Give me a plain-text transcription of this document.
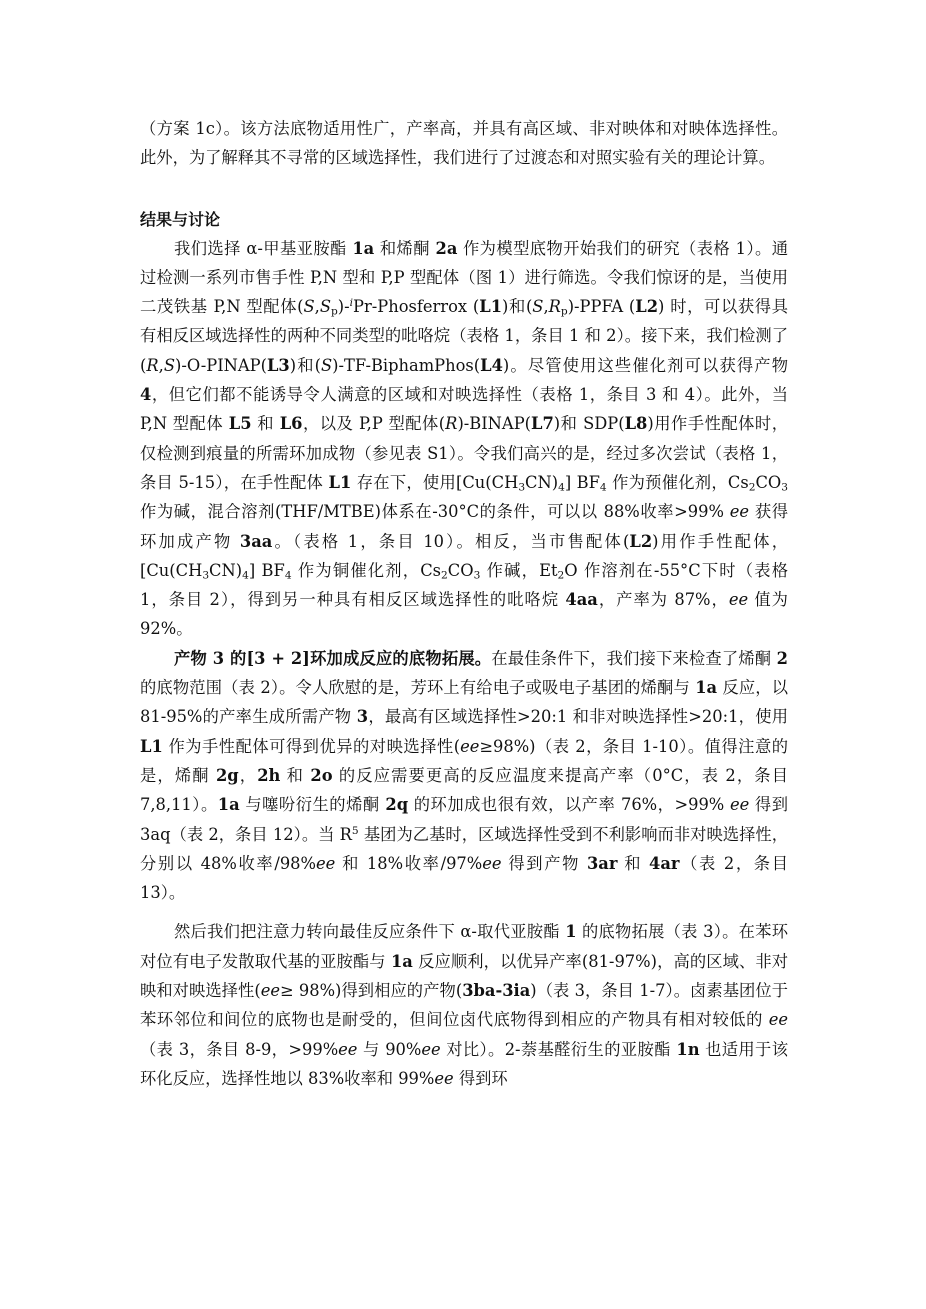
（方案 1c）。该方法底物适用性广，产率高，并具有高区域、非对映体和对映体选择性。此外，为了解释其不寻常的区域选择性，我们进行了过渡态和对照实验有关的理论计算。

结果与讨论

我们选择 α-甲基亚胺酯 1a 和烯酮 2a 作为模型底物开始我们的研究（表格 1）。通过检测一系列市售手性 P,N 型和 P,P 型配体（图 1）进行筛选。令我们惊讶的是，当使用二茂铁基 P,N 型配体$(S,S_p)-^iPr$-Phosferrox (L1)和$(S,R_p)$-PPFA (L2) 时，可以获得具有相反区域选择性的两种不同类型的吡咯烷（表格 1，条目 1 和 2）。接下来，我们检测了(R,S)-O-PINAP(L3)和(S)-TF-BiphamPhos(L4)。尽管使用这些催化剂可以获得产物 4，但它们都不能诱导令人满意的区域和对映选择性（表格 1，条目 3 和 4）。此外，当 P,N 型配体 L5 和 L6，以及 P,P 型配体(R)-BINAP(L7)和 SDP(L8)用作手性配体时，仅检测到痕量的所需环加成物（参见表 S1）。令我们高兴的是，经过多次尝试（表格 1，条目 5-15），在手性配体 L1 存在下，使用$[Cu(CH_3CN)_4]$ $BF_4$ 作为预催化剂，$Cs_2CO_3$ 作为碱，混合溶剂(THF/MTBE)体系在-30°C的条件，可以以 88%收率>99% ee 获得环加成产物 3aa。（表格 1，条目 10）。相反，当市售配体(L2)用作手性配体，$[Cu(CH_3CN)_4]$ $BF_4$ 作为铜催化剂，$Cs_2CO_3$ 作碱，$Et_2O$ 作溶剂在-55°C下时（表格 1，条目 2），得到另一种具有相反区域选择性的吡咯烷 4aa，产率为 87%，ee 值为 92%。

产物 3 的[3 + 2]环加成反应的底物拓展。在最佳条件下，我们接下来检查了烯酮 2 的底物范围（表 2）。令人欣慰的是，芳环上有给电子或吸电子基团的烯酮与 1a 反应，以 81-95%的产率生成所需产物 3，最高有区域选择性>20:1 和非对映选择性>20:1，使用 L1 作为手性配体可得到优异的对映选择性(ee≥98%)（表 2，条目 1-10）。值得注意的是，烯酮 2g，2h 和 2o 的反应需要更高的反应温度来提高产率（0°C，表 2，条目 7,8,11）。1a 与噻吩衍生的烯酮 2q 的环加成也很有效，以产率 76%，>99% ee 得到 3aq（表 2，条目 12）。当 $R^5$ 基团为乙基时，区域选择性受到不利影响而非对映选择性，分别以 48%收率/98%ee 和 18%收率/97%ee 得到产物 3ar 和 4ar（表 2，条目 13）。

然后我们把注意力转向最佳反应条件下 α-取代亚胺酯 1 的底物拓展（表 3）。在苯环对位有电子发散取代基的亚胺酯与 1a 反应顺利，以优异产率(81-97%)，高的区域、非对映和对映选择性(ee≥ 98%)得到相应的产物(3ba-3ia)（表 3，条目 1-7）。卤素基团位于苯环邻位和间位的底物也是耐受的，但间位卤代底物得到相应的产物具有相对较低的 ee（表 3，条目 8-9，>99%ee 与 90%ee 对比）。2-萘基醛衍生的亚胺酯 1n 也适用于该环化反应，选择性地以 83%收率和 99%ee 得到环
